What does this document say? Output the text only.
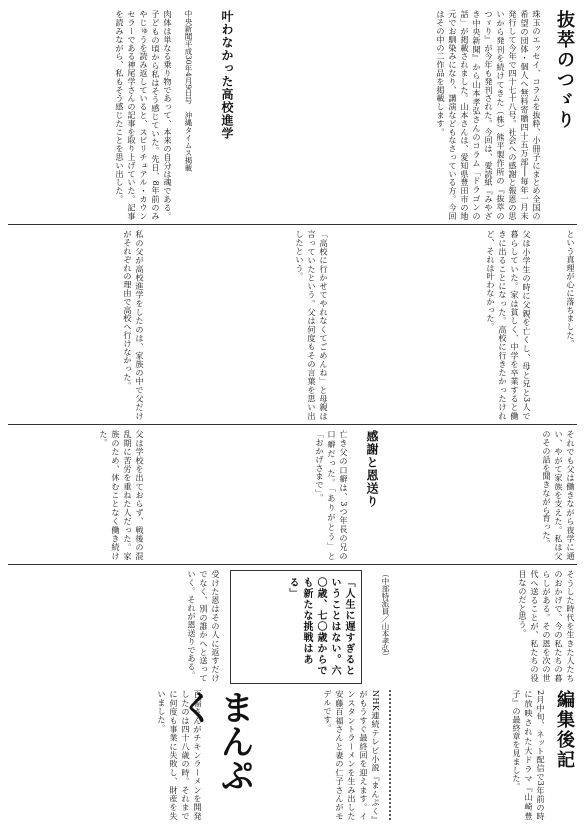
抜萃のつゞり
珠玉のエッセイ、コラムを抜粋、小冊子にまとめ全国の希望の団体・個人へ無料寄贈四十五万部──毎年一月末発行して今年で四十七十八号。社会への感謝と報恩の思いから発刊を続けてきた（株）熊平製作所の『抜萃のつゞり』が今年も発刊された。今回は、愛読紙『みやざき中央新聞』から山本孝弘さんのコラム「ドラゴンの話」が掲載されました。山本さんは、愛知県豊田市の地元でお馴染みになり、講演などもなさっている方。今回はその中の二作品を掲載します。
叶わなかった高校進学
中央新聞平成30年4月9日号　沖縄タイムス掲載
肉体は単なる乗り物であって、本来の自分は魂である。子どもの頃から私はそう感じていた。先日、8年前のみやじゅうを読み返していると、スピリチュアル・カウンセラーである神尾学さんの記事を取り上げていた。記事を読みながら、私もそう感じたことを思い出した。
という真理が心に落ちました。
父は小学生の時に父親を亡くし、母と兄と3人で暮らしていた。家は貧しく、中学を卒業すると働きに出ることになった。高校に行きたかったけれど、それは叶わなかった。
「高校に行かせてやれなくてごめんね」と母親は言っていたという。父は何度もその言葉を思い出したという。
私の父が高校進学をしたのは、家族の中で父だけがそれぞれの理由で高校へ行けなかった。
それでも父は働きながら夜学に通い、やがて家族を支えた。私は父のその話を聞きながら育った。
感謝と恩送り
亡き父の口癖は、3つ年長の兄の口癖だった。「ありがとう」と「おかげさまで」。
父は学校を出ておらず、戦後の混乱期に苦労を重ねた人だった。家族のため、休むことなく働き続けた。
そうした時代を生きた人たちのおかげで、今の私たちの暮らしがある。その恩を次の世代へ送ることが、私たちの役目なのだと思う。
（中部特派員／山本孝弘）
「人生に遅すぎるということはない。六〇歳、七〇歳からでも新たな挑戦はある」
受けた恩はその人に返すだけでなく、別の誰かへと送っていく。それが恩送りである。
編集後記
2月中旬、ネット配信で3年前の時に放映された大ドラマ『山崎豊子』の最終章を見ました。
まんぷく	NHK連続テレビ小説『まんぷく』がもうすぐ最終回を迎えます。インスタントラーメンを生み出した安藤百福さんと妻の仁子さんがモデルです。
百福さんがチキンラーメンを開発したのは四十八歳の時。それまでに何度も事業に失敗し、財産を失いました。
